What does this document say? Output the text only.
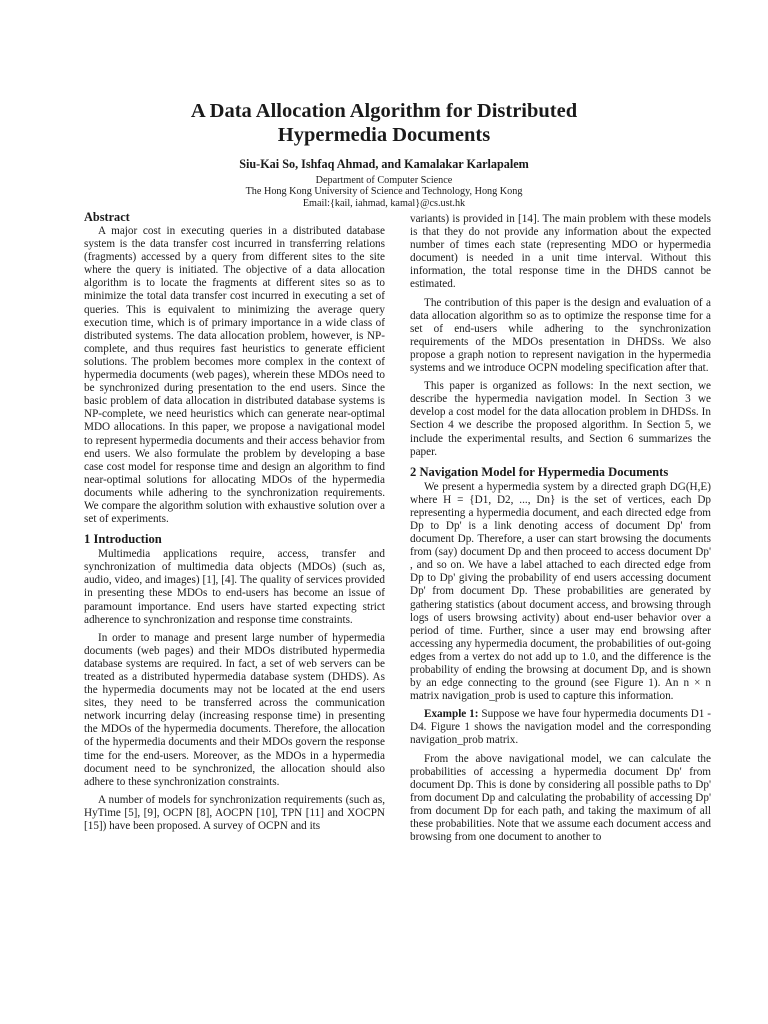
A Data Allocation Algorithm for Distributed
Hypermedia Documents
Siu-Kai So, Ishfaq Ahmad, and Kamalakar Karlapalem
Department of Computer Science
The Hong Kong University of Science and Technology, Hong Kong
Email:{kail, iahmad, kamal}@cs.ust.hk

Abstract

A major cost in executing queries in a distributed database system is the data transfer cost incurred in transferring relations (fragments) accessed by a query from different sites to the site where the query is initiated. The objective of a data allocation algorithm is to locate the fragments at different sites so as to minimize the total data transfer cost incurred in executing a set of queries. This is equivalent to minimizing the average query execution time, which is of primary importance in a wide class of distributed systems. The data allocation problem, however, is NP-complete, and thus requires fast heuristics to generate efficient solutions. The problem becomes more complex in the context of hypermedia documents (web pages), wherein these MDOs need to be synchronized during presentation to the end users. Since the basic problem of data allocation in distributed database systems is NP-complete, we need heuristics which can generate near-optimal MDO allocations. In this paper, we propose a navigational model to represent hypermedia documents and their access behavior from end users. We also formulate the problem by developing a base case cost model for response time and design an algorithm to find near-optimal solutions for allocating MDOs of the hypermedia documents while adhering to the synchronization requirements. We compare the algorithm solution with exhaustive solution over a set of experiments.

1 Introduction

Multimedia applications require, access, transfer and synchronization of multimedia data objects (MDOs) (such as, audio, video, and images) [1], [4]. The quality of services provided in presenting these MDOs to end-users has become an issue of paramount importance. End users have started expecting strict adherence to synchronization and response time constraints.

In order to manage and present large number of hypermedia documents (web pages) and their MDOs distributed hypermedia database systems are required. In fact, a set of web servers can be treated as a distributed hypermedia database system (DHDS). As the hypermedia documents may not be located at the end users sites, they need to be transferred across the communication network incurring delay (increasing response time) in presenting the MDOs of the hypermedia documents. Therefore, the allocation of the hypermedia documents and their MDOs govern the response time for the end-users. Moreover, as the MDOs in a hypermedia document need to be synchronized, the allocation should also adhere to these synchronization constraints.

A number of models for synchronization requirements (such as, HyTime [5], [9], OCPN [8], AOCPN [10], TPN [11] and XOCPN [15]) have been proposed. A survey of OCPN and its

variants) is provided in [14]. The main problem with these models is that they do not provide any information about the expected number of times each state (representing MDO or hypermedia document) is needed in a unit time interval. Without this information, the total response time in the DHDS cannot be estimated.

The contribution of this paper is the design and evaluation of a data allocation algorithm so as to optimize the response time for a set of end-users while adhering to the synchronization requirements of the MDOs presentation in DHDSs. We also propose a graph notion to represent navigation in the hypermedia systems and we introduce OCPN modeling specification after that.

This paper is organized as follows: In the next section, we describe the hypermedia navigation model. In Section 3 we develop a cost model for the data allocation problem in DHDSs. In Section 4 we describe the proposed algorithm. In Section 5, we include the experimental results, and Section 6 summarizes the paper.

2 Navigation Model for Hypermedia Documents

We present a hypermedia system by a directed graph DG(H,E) where H = {D1, D2, ..., Dn} is the set of vertices, each Dp representing a hypermedia document, and each directed edge from Dp to Dp' is a link denoting access of document Dp' from document Dp. Therefore, a user can start browsing the documents from (say) document Dp and then proceed to access document Dp' , and so on. We have a label attached to each directed edge from Dp to Dp' giving the probability of end users accessing document Dp' from document Dp. These probabilities are generated by gathering statistics (about document access, and browsing through logs of users browsing activity) about end-user behavior over a period of time. Further, since a user may end browsing after accessing any hypermedia document, the probabilities of out-going edges from a vertex do not add up to 1.0, and the difference is the probability of ending the browsing at document Dp, and is shown by an edge connecting to the ground (see Figure 1). An n × n matrix navigation_prob is used to capture this information.

Example 1: Suppose we have four hypermedia documents D1 - D4. Figure 1 shows the navigation model and the corresponding navigation_prob matrix.

From the above navigational model, we can calculate the probabilities of accessing a hypermedia document Dp' from document Dp. This is done by considering all possible paths to Dp' from document Dp and calculating the probability of accessing Dp' from document Dp for each path, and taking the maximum of all these probabilities. Note that we assume each document access and browsing from one document to another to
